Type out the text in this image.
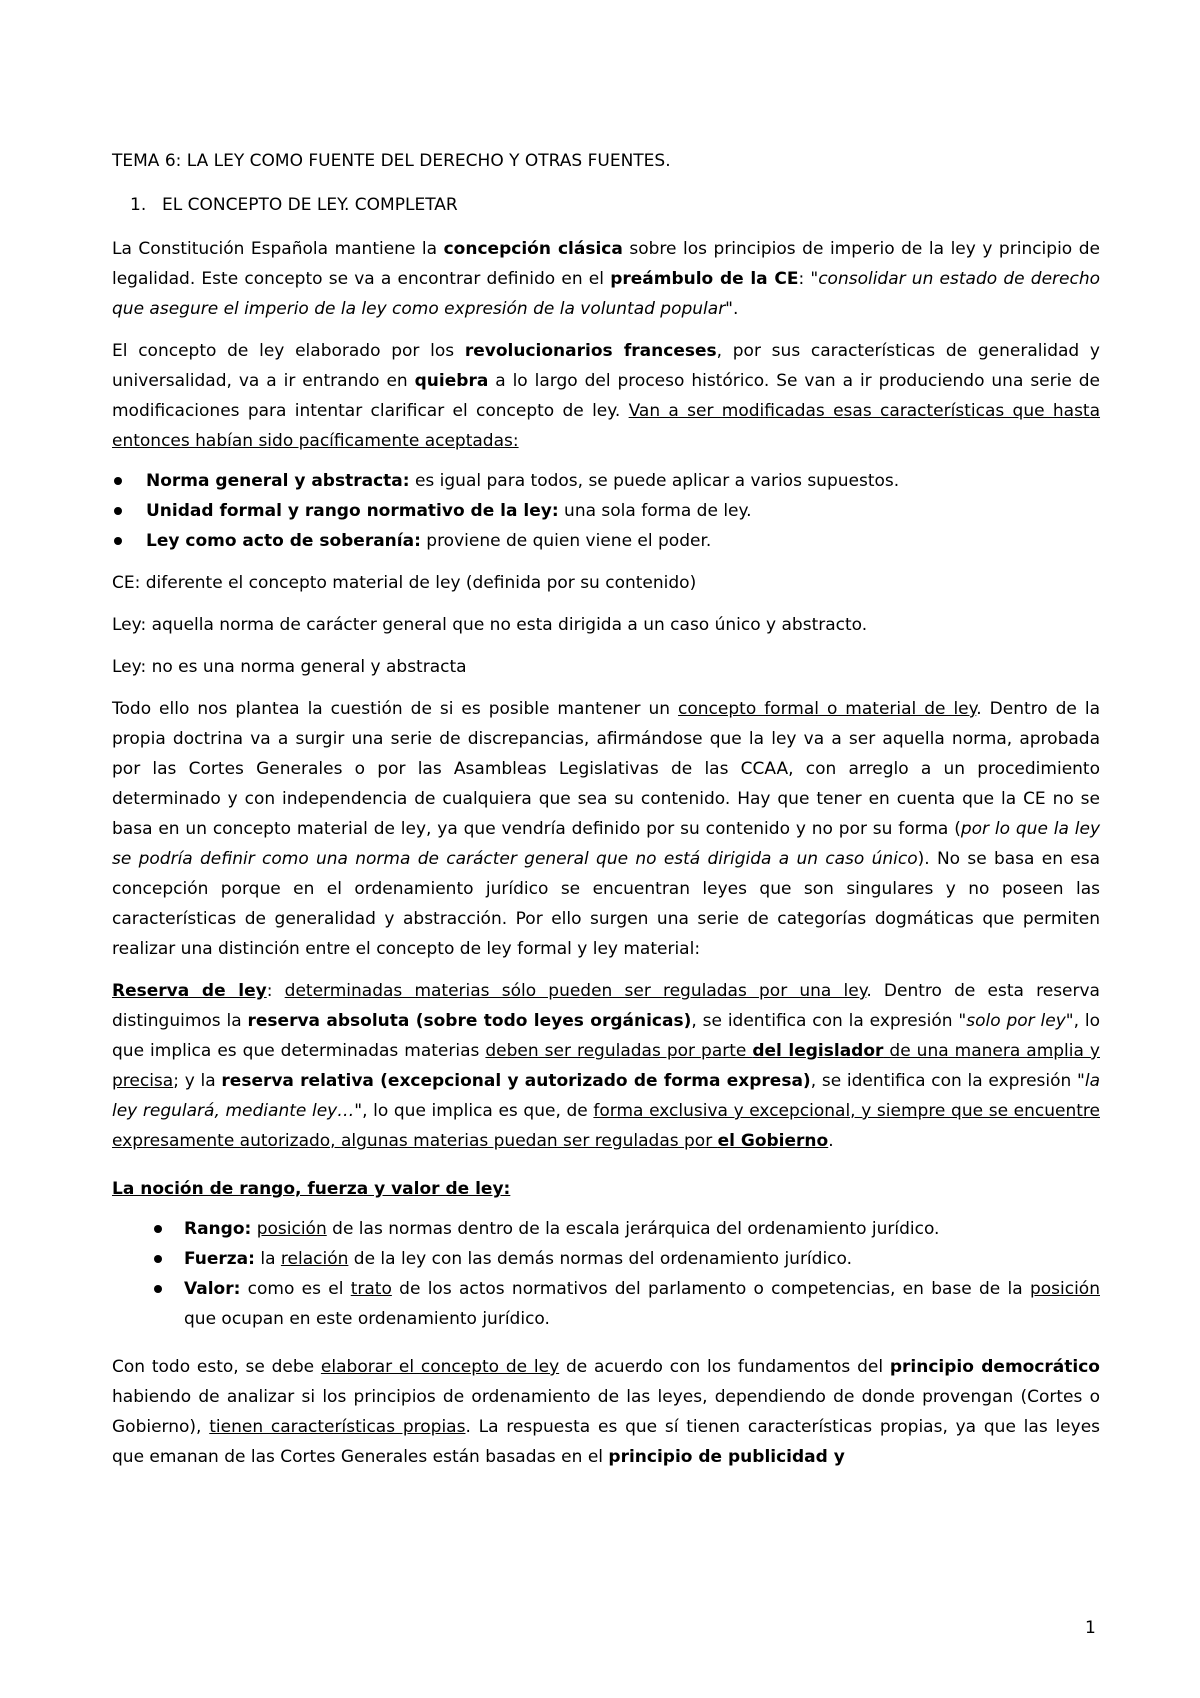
TEMA 6: LA LEY COMO FUENTE DEL DERECHO Y OTRAS FUENTES.

1. EL CONCEPTO DE LEY. COMPLETAR

La Constitución Española mantiene la concepción clásica sobre los principios de imperio de la ley y principio de legalidad. Este concepto se va a encontrar definido en el preámbulo de la CE: "consolidar un estado de derecho que asegure el imperio de la ley como expresión de la voluntad popular".

El concepto de ley elaborado por los revolucionarios franceses, por sus características de generalidad y universalidad, va a ir entrando en quiebra a lo largo del proceso histórico. Se van a ir produciendo una serie de modificaciones para intentar clarificar el concepto de ley. Van a ser modificadas esas características que hasta entonces habían sido pacíficamente aceptadas:

Norma general y abstracta: es igual para todos, se puede aplicar a varios supuestos.
Unidad formal y rango normativo de la ley: una sola forma de ley.
Ley como acto de soberanía: proviene de quien viene el poder.

CE: diferente el concepto material de ley (definida por su contenido)

Ley: aquella norma de carácter general que no esta dirigida a un caso único y abstracto.

Ley: no es una norma general y abstracta

Todo ello nos plantea la cuestión de si es posible mantener un concepto formal o material de ley. Dentro de la propia doctrina va a surgir una serie de discrepancias, afirmándose que la ley va a ser aquella norma, aprobada por las Cortes Generales o por las Asambleas Legislativas de las CCAA, con arreglo a un procedimiento determinado y con independencia de cualquiera que sea su contenido. Hay que tener en cuenta que la CE no se basa en un concepto material de ley, ya que vendría definido por su contenido y no por su forma (por lo que la ley se podría definir como una norma de carácter general que no está dirigida a un caso único). No se basa en esa concepción porque en el ordenamiento jurídico se encuentran leyes que son singulares y no poseen las características de generalidad y abstracción. Por ello surgen una serie de categorías dogmáticas que permiten realizar una distinción entre el concepto de ley formal y ley material:

Reserva de ley: determinadas materias sólo pueden ser reguladas por una ley. Dentro de esta reserva distinguimos la reserva absoluta (sobre todo leyes orgánicas), se identifica con la expresión "solo por ley", lo que implica es que determinadas materias deben ser reguladas por parte del legislador de una manera amplia y precisa; y la reserva relativa (excepcional y autorizado de forma expresa), se identifica con la expresión "la ley regulará, mediante ley…", lo que implica es que, de forma exclusiva y excepcional, y siempre que se encuentre expresamente autorizado, algunas materias puedan ser reguladas por el Gobierno.

La noción de rango, fuerza y valor de ley:

Rango: posición de las normas dentro de la escala jerárquica del ordenamiento jurídico.
Fuerza: la relación de la ley con las demás normas del ordenamiento jurídico.
Valor: como es el trato de los actos normativos del parlamento o competencias, en base de la posición que ocupan en este ordenamiento jurídico.

Con todo esto, se debe elaborar el concepto de ley de acuerdo con los fundamentos del principio democrático habiendo de analizar si los principios de ordenamiento de las leyes, dependiendo de donde provengan (Cortes o Gobierno), tienen características propias. La respuesta es que sí tienen características propias, ya que las leyes que emanan de las Cortes Generales están basadas en el principio de publicidad y

1
